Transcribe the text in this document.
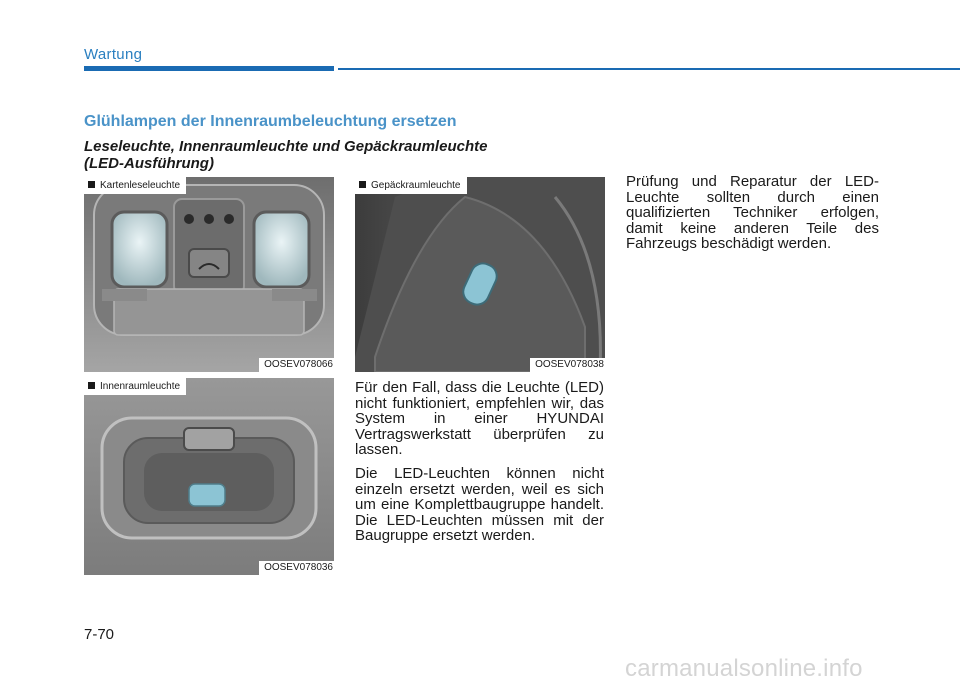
Wartung
Glühlampen der Innenraumbeleuchtung ersetzen
Leseleuchte, Innenraumleuchte und Gepäckraumleuchte
(LED-Ausführung)
Kartenleseleuchte
OOSEV078066
Innenraumleuchte
OOSEV078036
Gepäckraumleuchte
OOSEV078038
Für den Fall, dass die Leuchte (LED) nicht funktioniert, empfehlen wir, das System in einer HYUNDAI Vertragswerkstatt überprüfen zu lassen.
Die LED-Leuchten können nicht einzeln ersetzt werden, weil es sich um eine Komplettbaugruppe handelt. Die LED-Leuchten müssen mit der Baugruppe ersetzt werden.
Prüfung und Reparatur der LED-Leuchte sollten durch einen qualifizierten Techniker erfolgen, damit keine anderen Teile des Fahrzeugs beschädigt werden.
7-70
carmanualsonline.info
